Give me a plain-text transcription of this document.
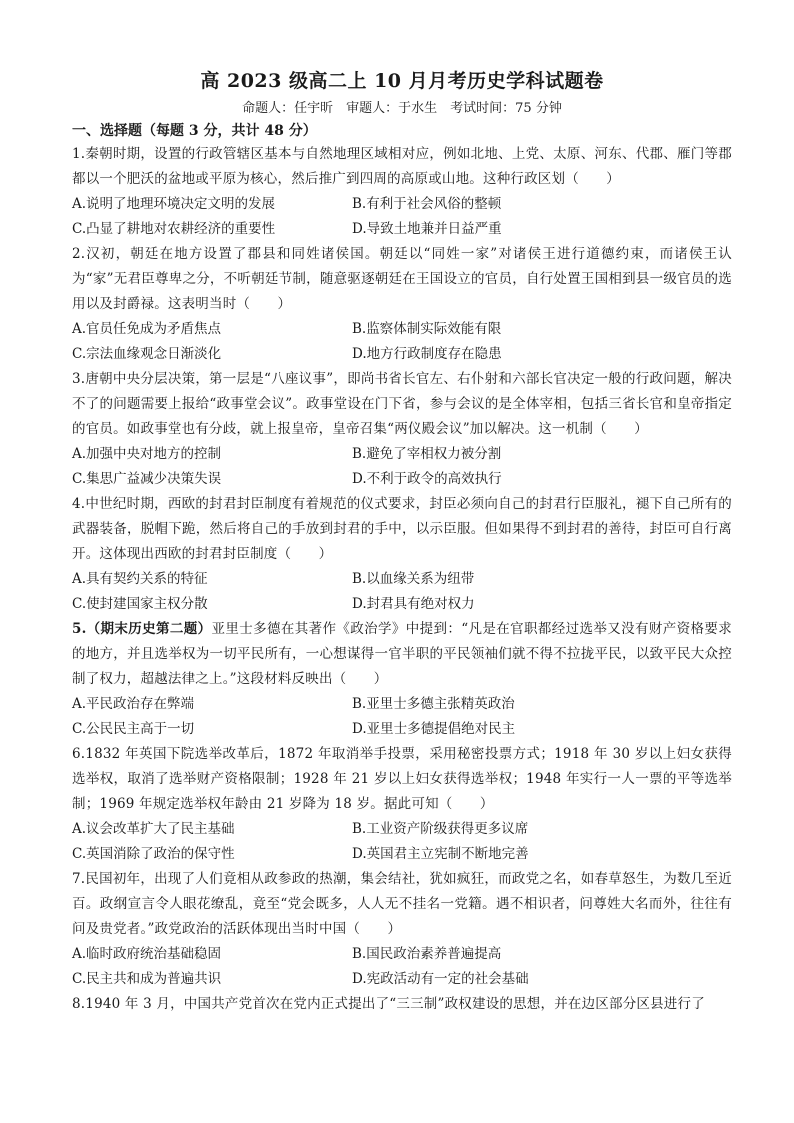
高 2023 级高二上 10 月月考历史学科试题卷
命题人：任宇昕　审题人：于水生　考试时间：75 分钟
一、选择题（每题 3 分，共计 48 分）

1.秦朝时期，设置的行政管辖区基本与自然地理区域相对应，例如北地、上党、太原、河东、代郡、雁门等郡都以一个肥沃的盆地或平原为核心，然后推广到四周的高原或山地。这种行政区划（　　）

A.说明了地理环境决定文明的发展	B.有利于社会风俗的整顿
C.凸显了耕地对农耕经济的重要性	D.导致土地兼并日益严重

2.汉初，朝廷在地方设置了郡县和同姓诸侯国。朝廷以“同姓一家”对诸侯王进行道德约束，而诸侯王认为“家”无君臣尊卑之分，不听朝廷节制，随意驱逐朝廷在王国设立的官员，自行处置王国相到县一级官员的选用以及封爵禄。这表明当时（　　）

A.官员任免成为矛盾焦点	B.监察体制实际效能有限
C.宗法血缘观念日渐淡化	D.地方行政制度存在隐患

3.唐朝中央分层决策，第一层是“八座议事”，即尚书省长官左、右仆射和六部长官决定一般的行政问题，解决不了的问题需要上报给“政事堂会议”。政事堂设在门下省，参与会议的是全体宰相，包括三省长官和皇帝指定的官员。如政事堂也有分歧，就上报皇帝，皇帝召集“两仪殿会议”加以解决。这一机制（　　）

A.加强中央对地方的控制	B.避免了宰相权力被分割
C.集思广益减少决策失误	D.不利于政令的高效执行

4.中世纪时期，西欧的封君封臣制度有着规范的仪式要求，封臣必须向自己的封君行臣服礼，褪下自己所有的武器装备，脱帽下跪，然后将自己的手放到封君的手中，以示臣服。但如果得不到封君的善待，封臣可自行离开。这体现出西欧的封君封臣制度（　　）

A.具有契约关系的特征	B.以血缘关系为纽带
C.使封建国家主权分散	D.封君具有绝对权力

5.（期末历史第二题）亚里士多德在其著作《政治学》中提到：“凡是在官职都经过选举又没有财产资格要求的地方，并且选举权为一切平民所有，一心想谋得一官半职的平民领袖们就不得不拉拢平民，以致平民大众控制了权力，超越法律之上。”这段材料反映出（　　）

A.平民政治存在弊端	B.亚里士多德主张精英政治
C.公民民主高于一切	D.亚里士多德提倡绝对民主

6.1832 年英国下院选举改革后，1872 年取消举手投票，采用秘密投票方式；1918 年 30 岁以上妇女获得选举权，取消了选举财产资格限制；1928 年 21 岁以上妇女获得选举权；1948 年实行一人一票的平等选举制；1969 年规定选举权年龄由 21 岁降为 18 岁。据此可知（　　）

A.议会改革扩大了民主基础	B.工业资产阶级获得更多议席
C.英国消除了政治的保守性	D.英国君主立宪制不断地完善

7.民国初年，出现了人们竟相从政参政的热潮，集会结社，犹如疯狂，而政党之名，如春草怒生，为数几至近百。政纲宣言令人眼花缭乱，竟至“党会既多，人人无不挂名一党籍。遇不相识者，问尊姓大名而外，往往有问及贵党者。”政党政治的活跃体现出当时中国（　　）

A.临时政府统治基础稳固	B.国民政治素养普遍提高
C.民主共和成为普遍共识	D.宪政活动有一定的社会基础

8.1940 年 3 月，中国共产党首次在党内正式提出了“三三制”政权建设的思想，并在边区部分区县进行了
